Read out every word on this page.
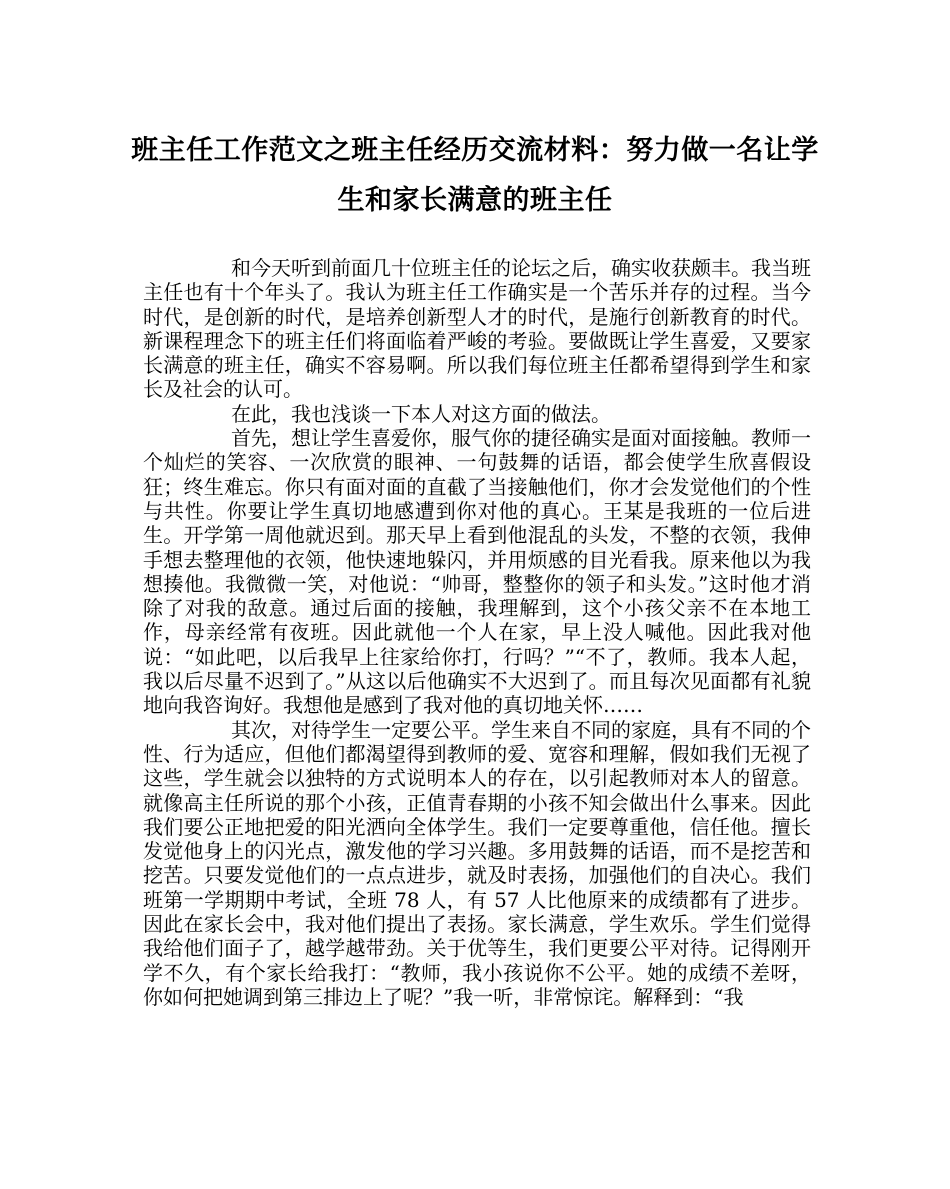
班主任工作范文之班主任经历交流材料：努力做一名让学生和家长满意的班主任

和今天听到前面几十位班主任的论坛之后，确实收获颇丰。我当班主任也有十个年头了。我认为班主任工作确实是一个苦乐并存的过程。当今时代，是创新的时代，是培养创新型人才的时代，是施行创新教育的时代。新课程理念下的班主任们将面临着严峻的考验。要做既让学生喜爱，又要家长满意的班主任，确实不容易啊。所以我们每位班主任都希望得到学生和家长及社会的认可。

在此，我也浅谈一下本人对这方面的做法。

首先，想让学生喜爱你，服气你的捷径确实是面对面接触。教师一个灿烂的笑容、一次欣赏的眼神、一句鼓舞的话语，都会使学生欣喜假设狂；终生难忘。你只有面对面的直截了当接触他们，你才会发觉他们的个性与共性。你要让学生真切地感遭到你对他的真心。王某是我班的一位后进生。开学第一周他就迟到。那天早上看到他混乱的头发，不整的衣领，我伸手想去整理他的衣领，他快速地躲闪，并用烦感的目光看我。原来他以为我想揍他。我微微一笑，对他说：“帅哥，整整你的领子和头发。”这时他才消除了对我的敌意。通过后面的接触，我理解到，这个小孩父亲不在本地工作，母亲经常有夜班。因此就他一个人在家，早上没人喊他。因此我对他说：“如此吧，以后我早上往家给你打，行吗？”“不了，教师。我本人起，我以后尽量不迟到了。”从这以后他确实不大迟到了。而且每次见面都有礼貌地向我咨询好。我想他是感到了我对他的真切地关怀……

其次，对待学生一定要公平。学生来自不同的家庭，具有不同的个性、行为适应，但他们都渴望得到教师的爱、宽容和理解，假如我们无视了这些，学生就会以独特的方式说明本人的存在，以引起教师对本人的留意。就像高主任所说的那个小孩，正值青春期的小孩不知会做出什么事来。因此我们要公正地把爱的阳光洒向全体学生。我们一定要尊重他，信任他。擅长发觉他身上的闪光点，激发他的学习兴趣。多用鼓舞的话语，而不是挖苦和挖苦。只要发觉他们的一点点进步，就及时表扬，加强他们的自决心。我们班第一学期期中考试，全班 78 人，有 57 人比他原来的成绩都有了进步。因此在家长会中，我对他们提出了表扬。家长满意，学生欢乐。学生们觉得我给他们面子了，越学越带劲。关于优等生，我们更要公平对待。记得刚开学不久，有个家长给我打：“教师，我小孩说你不公平。她的成绩不差呀，你如何把她调到第三排边上了呢？”我一听，非常惊诧。解释到：“我
